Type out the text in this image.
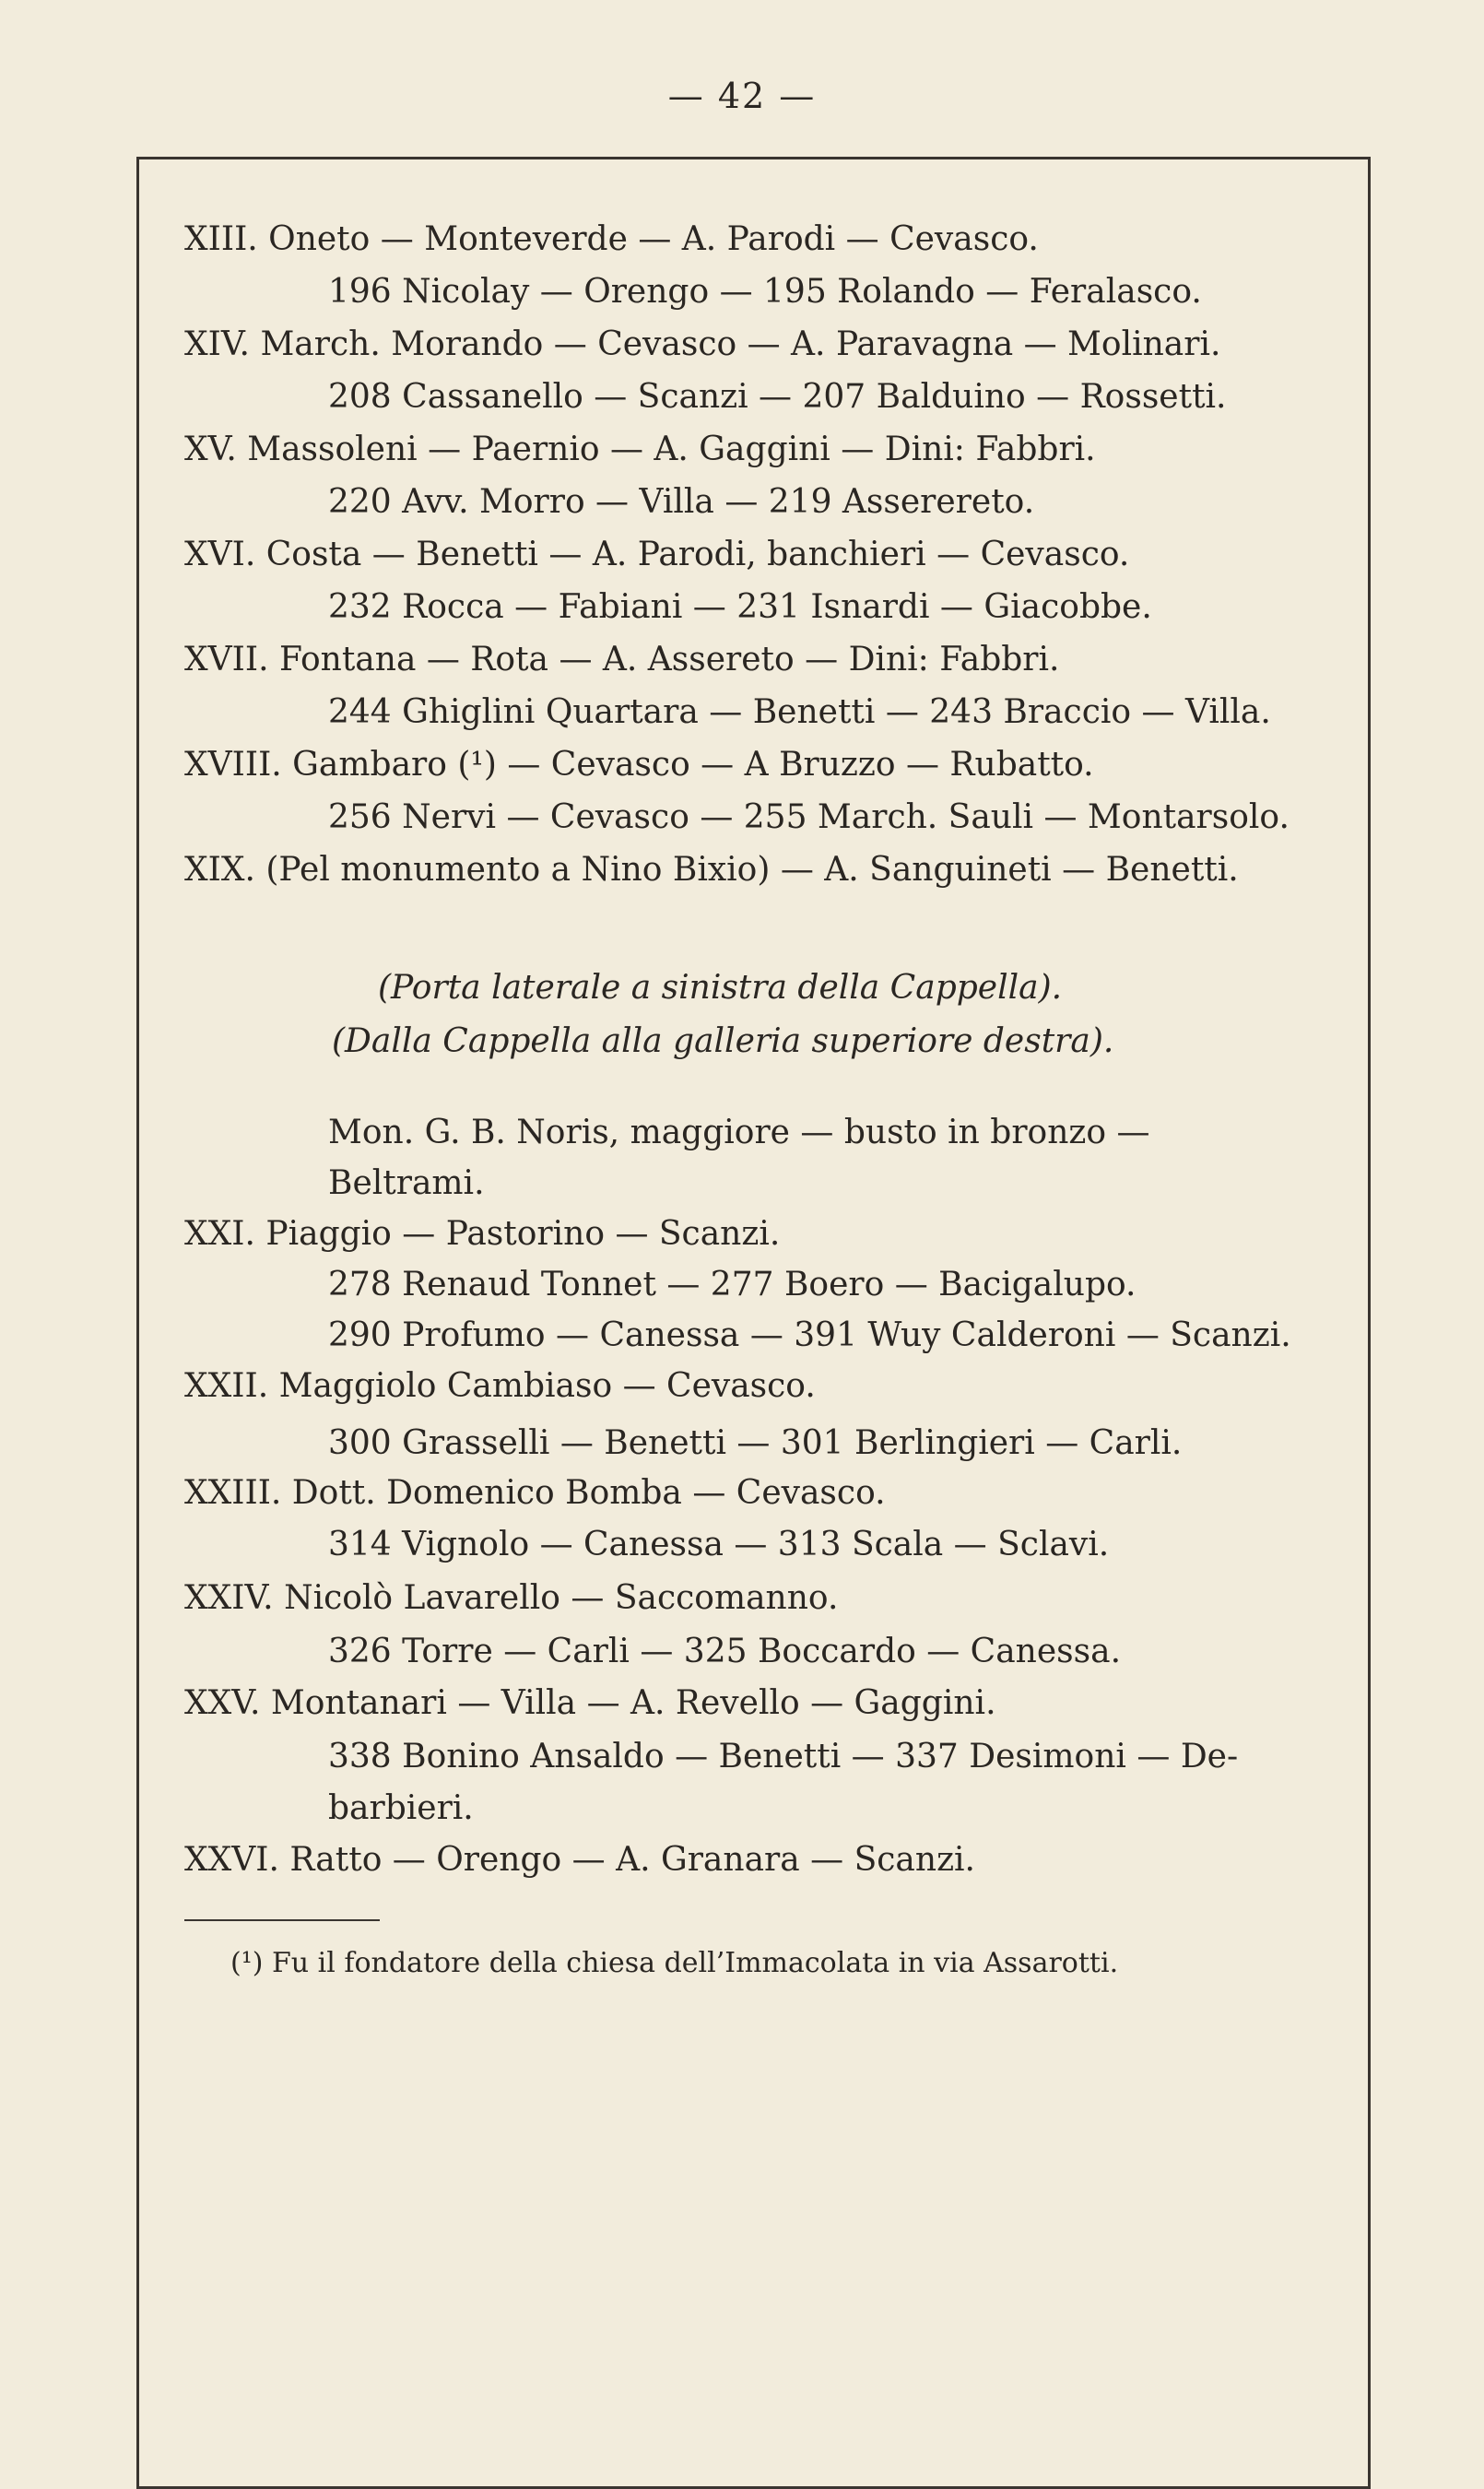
— 42 —
XIII. Oneto — Monteverde — A. Parodi — Cevasco.
196 Nicolay — Orengo — 195 Rolando — Feralasco.
XIV. March. Morando — Cevasco — A. Paravagna — Molinari.
208 Cassanello — Scanzi — 207 Balduino — Rossetti.
XV. Massoleni — Paernio — A. Gaggini — Dini: Fabbri.
220 Avv. Morro — Villa — 219 Asserereto.
XVI. Costa — Benetti — A. Parodi, banchieri — Cevasco.
232 Rocca — Fabiani — 231 Isnardi — Giacobbe.
XVII. Fontana — Rota — A. Assereto — Dini: Fabbri.
244 Ghiglini Quartara — Benetti — 243 Braccio — Villa.
XVIII. Gambaro (¹) — Cevasco — A Bruzzo — Rubatto.
256 Nervi — Cevasco — 255 March. Sauli — Montarsolo.
XIX. (Pel monumento a Nino Bixio) — A. Sanguineti — Benetti.
(Porta laterale a sinistra della Cappella).
(Dalla Cappella alla galleria superiore destra).
Mon. G. B. Noris, maggiore — busto in bronzo —
Beltrami.
XXI. Piaggio — Pastorino — Scanzi.
278 Renaud Tonnet — 277 Boero — Bacigalupo.
290 Profumo — Canessa — 391 Wuy Calderoni — Scanzi.
XXII. Maggiolo Cambiaso — Cevasco.
300 Grasselli — Benetti — 301 Berlingieri — Carli.
XXIII. Dott. Domenico Bomba — Cevasco.
314 Vignolo — Canessa — 313 Scala — Sclavi.
XXIV. Nicolò Lavarello — Saccomanno.
326 Torre — Carli — 325 Boccardo — Canessa.
XXV. Montanari — Villa — A. Revello — Gaggini.
338 Bonino Ansaldo — Benetti — 337 Desimoni — De-
barbieri.
XXVI. Ratto — Orengo — A. Granara — Scanzi.
(¹) Fu il fondatore della chiesa dell’Immacolata in via Assarotti.
